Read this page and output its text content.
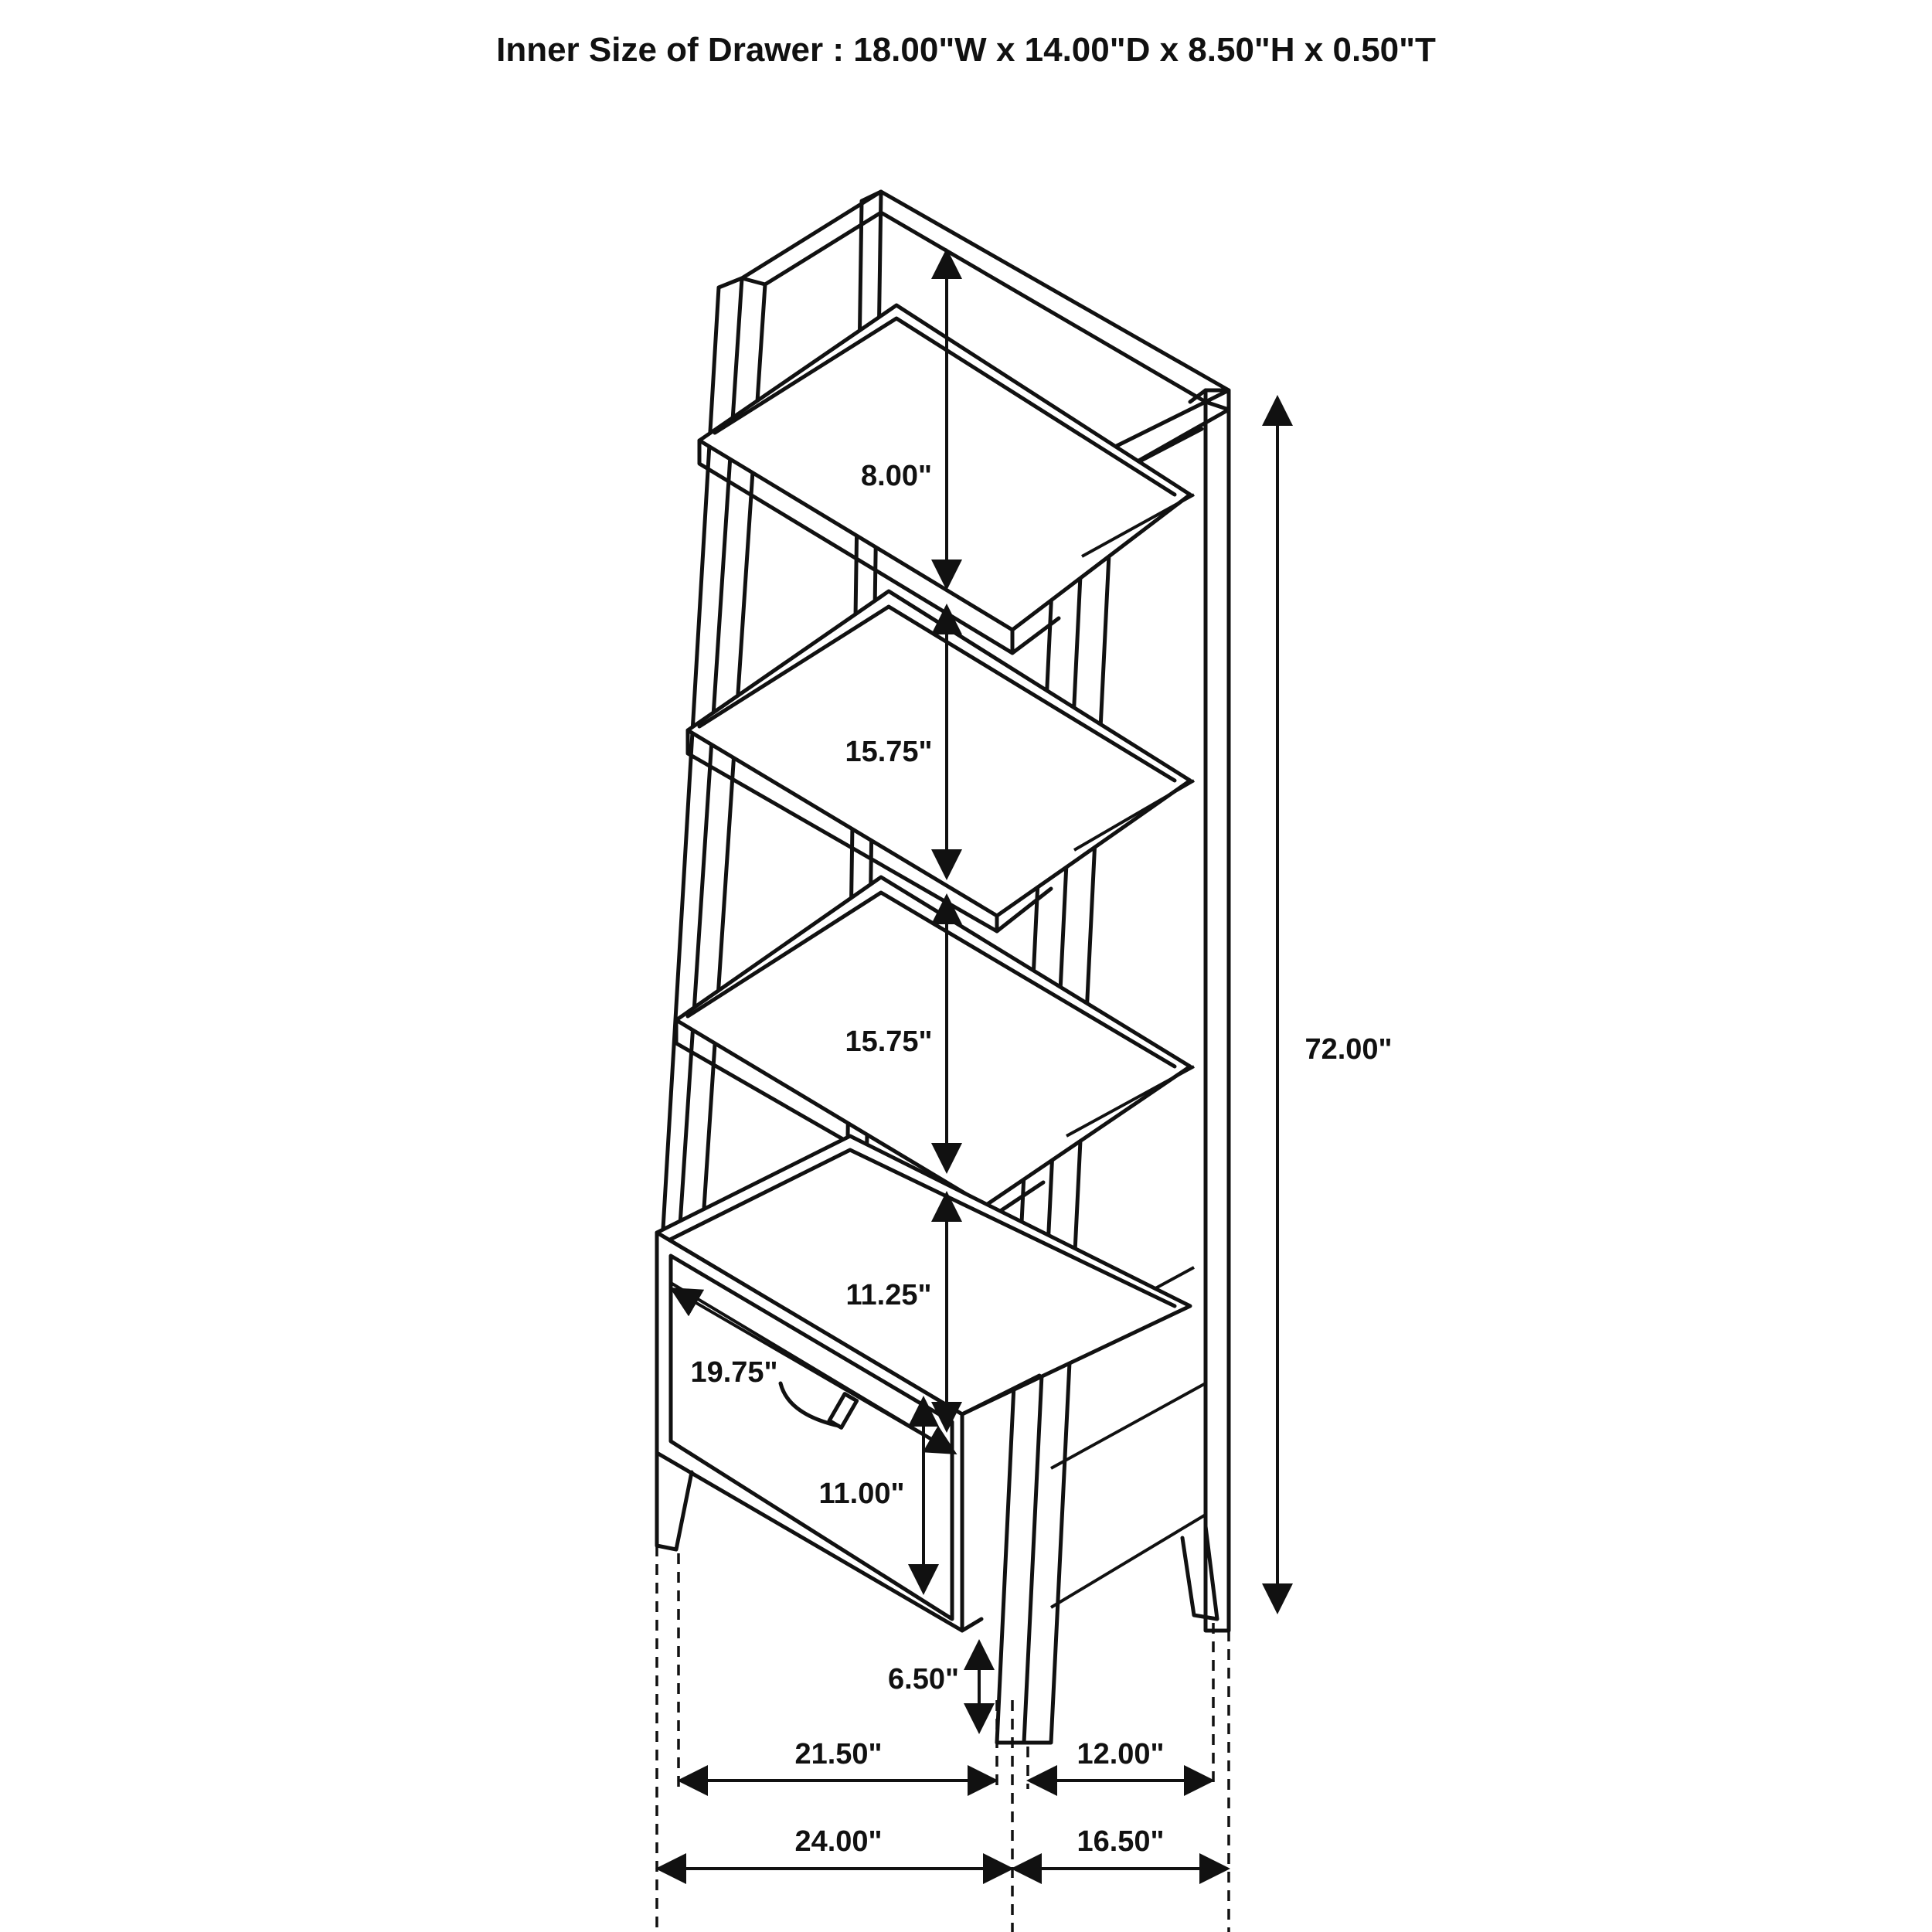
Inner Size of Drawer : 18.00"W x 14.00"D x 8.50"H x 0.50"T
8.00"
15.75"
15.75"
11.25"
19.75"
11.00"
6.50"
72.00"
21.50"	12.00"
24.00"	16.50"
